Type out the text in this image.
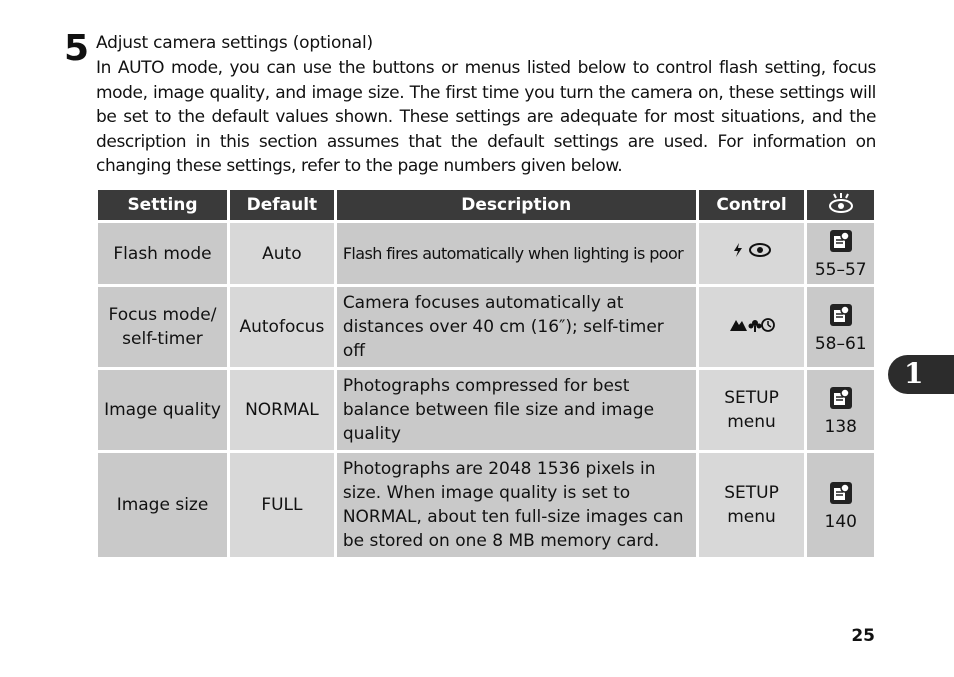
5 Adjust camera settings (optional)
In AUTO mode, you can use the buttons or menus listed below to control flash setting, focus mode, image quality, and image size. The first time you turn the camera on, these settings will be set to the default values shown. These settings are adequate for most situations, and the description in this section assumes that the default settings are used. For information on changing these settings, refer to the page numbers given below.
Setting	Default	Description	Control	
Flash mode	Auto	Flash fires automatically when lighting is poor		55–57

Focus mode/ self-timer	Autofocus	Camera focuses automatically at distances over 40 cm (16″); self-timer off		58–61

Image quality	NORMAL	Photographs compressed for best balance between file size and image quality	SETUP menu	138

Image size	FULL	Photographs are 2048 1536 pixels in size. When image quality is set to NORMAL, about ten full-size images can be stored on one 8 MB memory card.	SETUP menu	140
1
25
